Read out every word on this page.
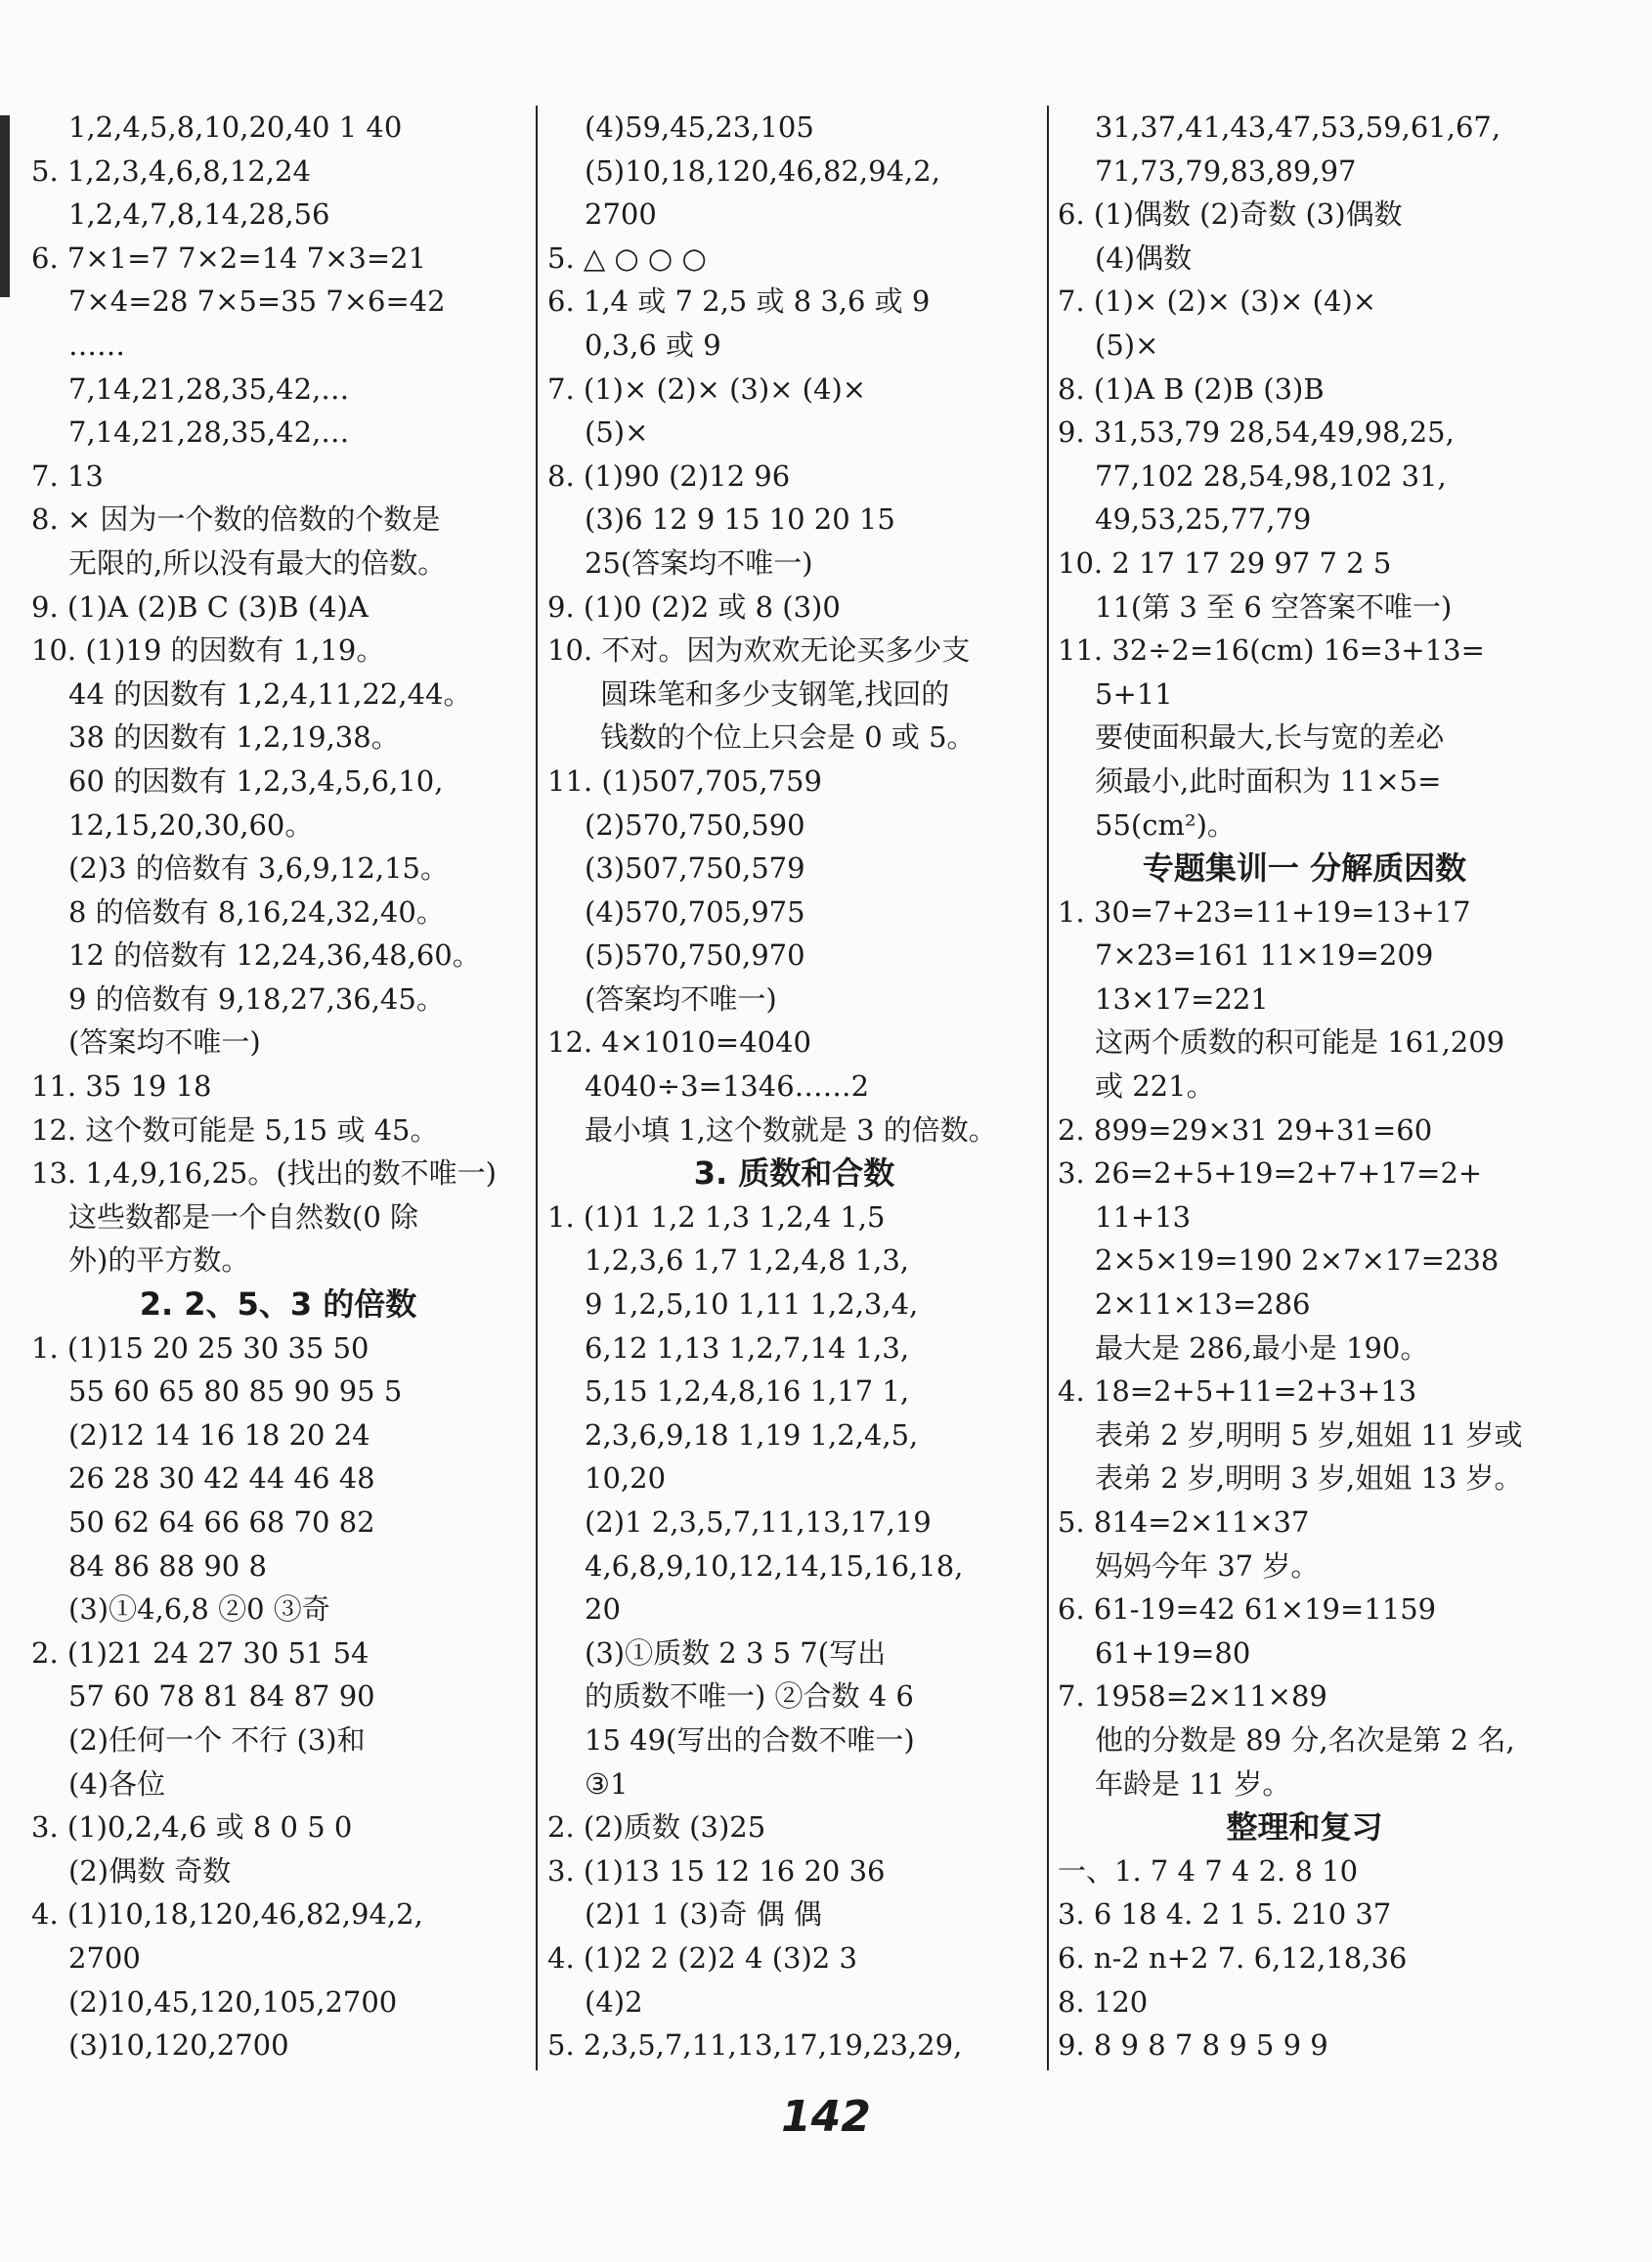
1,2,4,5,8,10,20,40 1 40
5. 1,2,3,4,6,8,12,24
1,2,4,7,8,14,28,56
6. 7×1=7 7×2=14 7×3=21
7×4=28 7×5=35 7×6=42
……
7,14,21,28,35,42,…
7,14,21,28,35,42,…
7. 13
8. × 因为一个数的倍数的个数是
无限的,所以没有最大的倍数。
9. (1)A (2)B C (3)B (4)A
10. (1)19 的因数有 1,19。
44 的因数有 1,2,4,11,22,44。
38 的因数有 1,2,19,38。
60 的因数有 1,2,3,4,5,6,10,
12,15,20,30,60。
(2)3 的倍数有 3,6,9,12,15。
8 的倍数有 8,16,24,32,40。
12 的倍数有 12,24,36,48,60。
9 的倍数有 9,18,27,36,45。
(答案均不唯一)
11. 35 19 18
12. 这个数可能是 5,15 或 45。
13. 1,4,9,16,25。(找出的数不唯一)
这些数都是一个自然数(0 除
外)的平方数。
2. 2、5、3 的倍数
1. (1)15 20 25 30 35 50
55 60 65 80 85 90 95 5
(2)12 14 16 18 20 24
26 28 30 42 44 46 48
50 62 64 66 68 70 82
84 86 88 90 8
(3)①4,6,8 ②0 ③奇
2. (1)21 24 27 30 51 54
57 60 78 81 84 87 90
(2)任何一个 不行 (3)和
(4)各位
3. (1)0,2,4,6 或 8 0 5 0
(2)偶数 奇数
4. (1)10,18,120,46,82,94,2,
2700
(2)10,45,120,105,2700
(3)10,120,2700
(4)59,45,23,105
(5)10,18,120,46,82,94,2,
2700
5. △ ○ ○ ○
6. 1,4 或 7 2,5 或 8 3,6 或 9
0,3,6 或 9
7. (1)× (2)× (3)× (4)×
(5)×
8. (1)90 (2)12 96
(3)6 12 9 15 10 20 15
25(答案均不唯一)
9. (1)0 (2)2 或 8 (3)0
10. 不对。因为欢欢无论买多少支
圆珠笔和多少支钢笔,找回的
钱数的个位上只会是 0 或 5。
11. (1)507,705,759
(2)570,750,590
(3)507,750,579
(4)570,705,975
(5)570,750,970
(答案均不唯一)
12. 4×1010=4040
4040÷3=1346……2
最小填 1,这个数就是 3 的倍数。
3. 质数和合数
1. (1)1 1,2 1,3 1,2,4 1,5
1,2,3,6 1,7 1,2,4,8 1,3,
9 1,2,5,10 1,11 1,2,3,4,
6,12 1,13 1,2,7,14 1,3,
5,15 1,2,4,8,16 1,17 1,
2,3,6,9,18 1,19 1,2,4,5,
10,20
(2)1 2,3,5,7,11,13,17,19
4,6,8,9,10,12,14,15,16,18,
20
(3)①质数 2 3 5 7(写出
的质数不唯一) ②合数 4 6
15 49(写出的合数不唯一)
③1
2. (2)质数 (3)25
3. (1)13 15 12 16 20 36
(2)1 1 (3)奇 偶 偶
4. (1)2 2 (2)2 4 (3)2 3
(4)2
5. 2,3,5,7,11,13,17,19,23,29,
31,37,41,43,47,53,59,61,67,
71,73,79,83,89,97
6. (1)偶数 (2)奇数 (3)偶数
(4)偶数
7. (1)× (2)× (3)× (4)×
(5)×
8. (1)A B (2)B (3)B
9. 31,53,79 28,54,49,98,25,
77,102 28,54,98,102 31,
49,53,25,77,79
10. 2 17 17 29 97 7 2 5
11(第 3 至 6 空答案不唯一)
11. 32÷2=16(cm) 16=3+13=
5+11
要使面积最大,长与宽的差必
须最小,此时面积为 11×5=
55(cm²)。
专题集训一 分解质因数
1. 30=7+23=11+19=13+17
7×23=161 11×19=209
13×17=221
这两个质数的积可能是 161,209
或 221。
2. 899=29×31 29+31=60
3. 26=2+5+19=2+7+17=2+
11+13
2×5×19=190 2×7×17=238
2×11×13=286
最大是 286,最小是 190。
4. 18=2+5+11=2+3+13
表弟 2 岁,明明 5 岁,姐姐 11 岁或
表弟 2 岁,明明 3 岁,姐姐 13 岁。
5. 814=2×11×37
妈妈今年 37 岁。
6. 61-19=42 61×19=1159
61+19=80
7. 1958=2×11×89
他的分数是 89 分,名次是第 2 名,
年龄是 11 岁。
整理和复习
一、1. 7 4 7 4 2. 8 10
3. 6 18 4. 2 1 5. 210 37
6. n-2 n+2 7. 6,12,18,36
8. 120
9. 8 9 8 7 8 9 5 9 9
142
